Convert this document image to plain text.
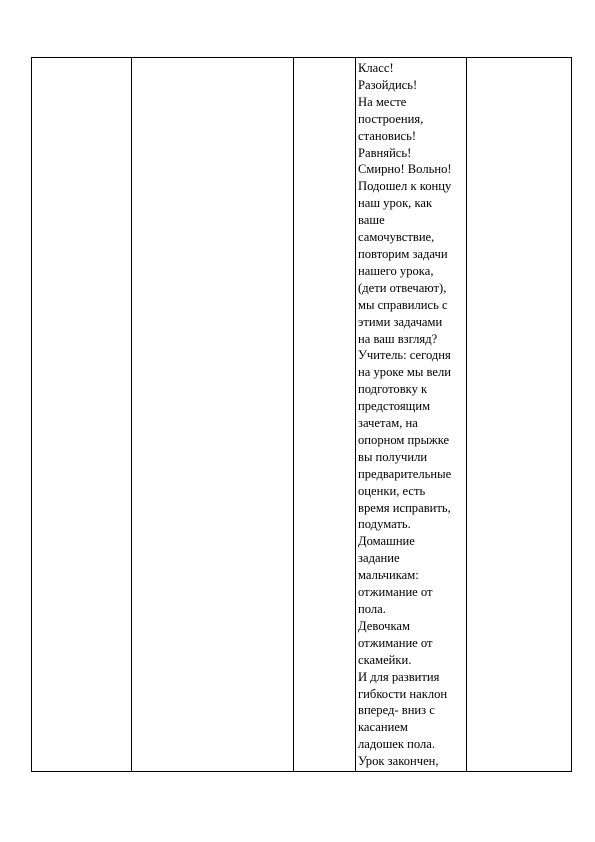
Класс!
Разойдись!
На месте
построения,
становись!
Равняйсь!
Смирно! Вольно!
Подошел к концу
наш урок, как
ваше
самочувствие,
повторим задачи
нашего урока,
(дети отвечают),
мы справились с
этими задачами
на ваш взгляд?
Учитель: сегодня
на уроке мы вели
подготовку к
предстоящим
зачетам, на
опорном прыжке
вы получили
предварительные
оценки, есть
время исправить,
подумать.
Домашние
задание
мальчикам:
отжимание от
пола.
Девочкам
отжимание от
скамейки.
И для развития
гибкости наклон
вперед- вниз с
касанием
ладошек пола.
Урок закончен,
